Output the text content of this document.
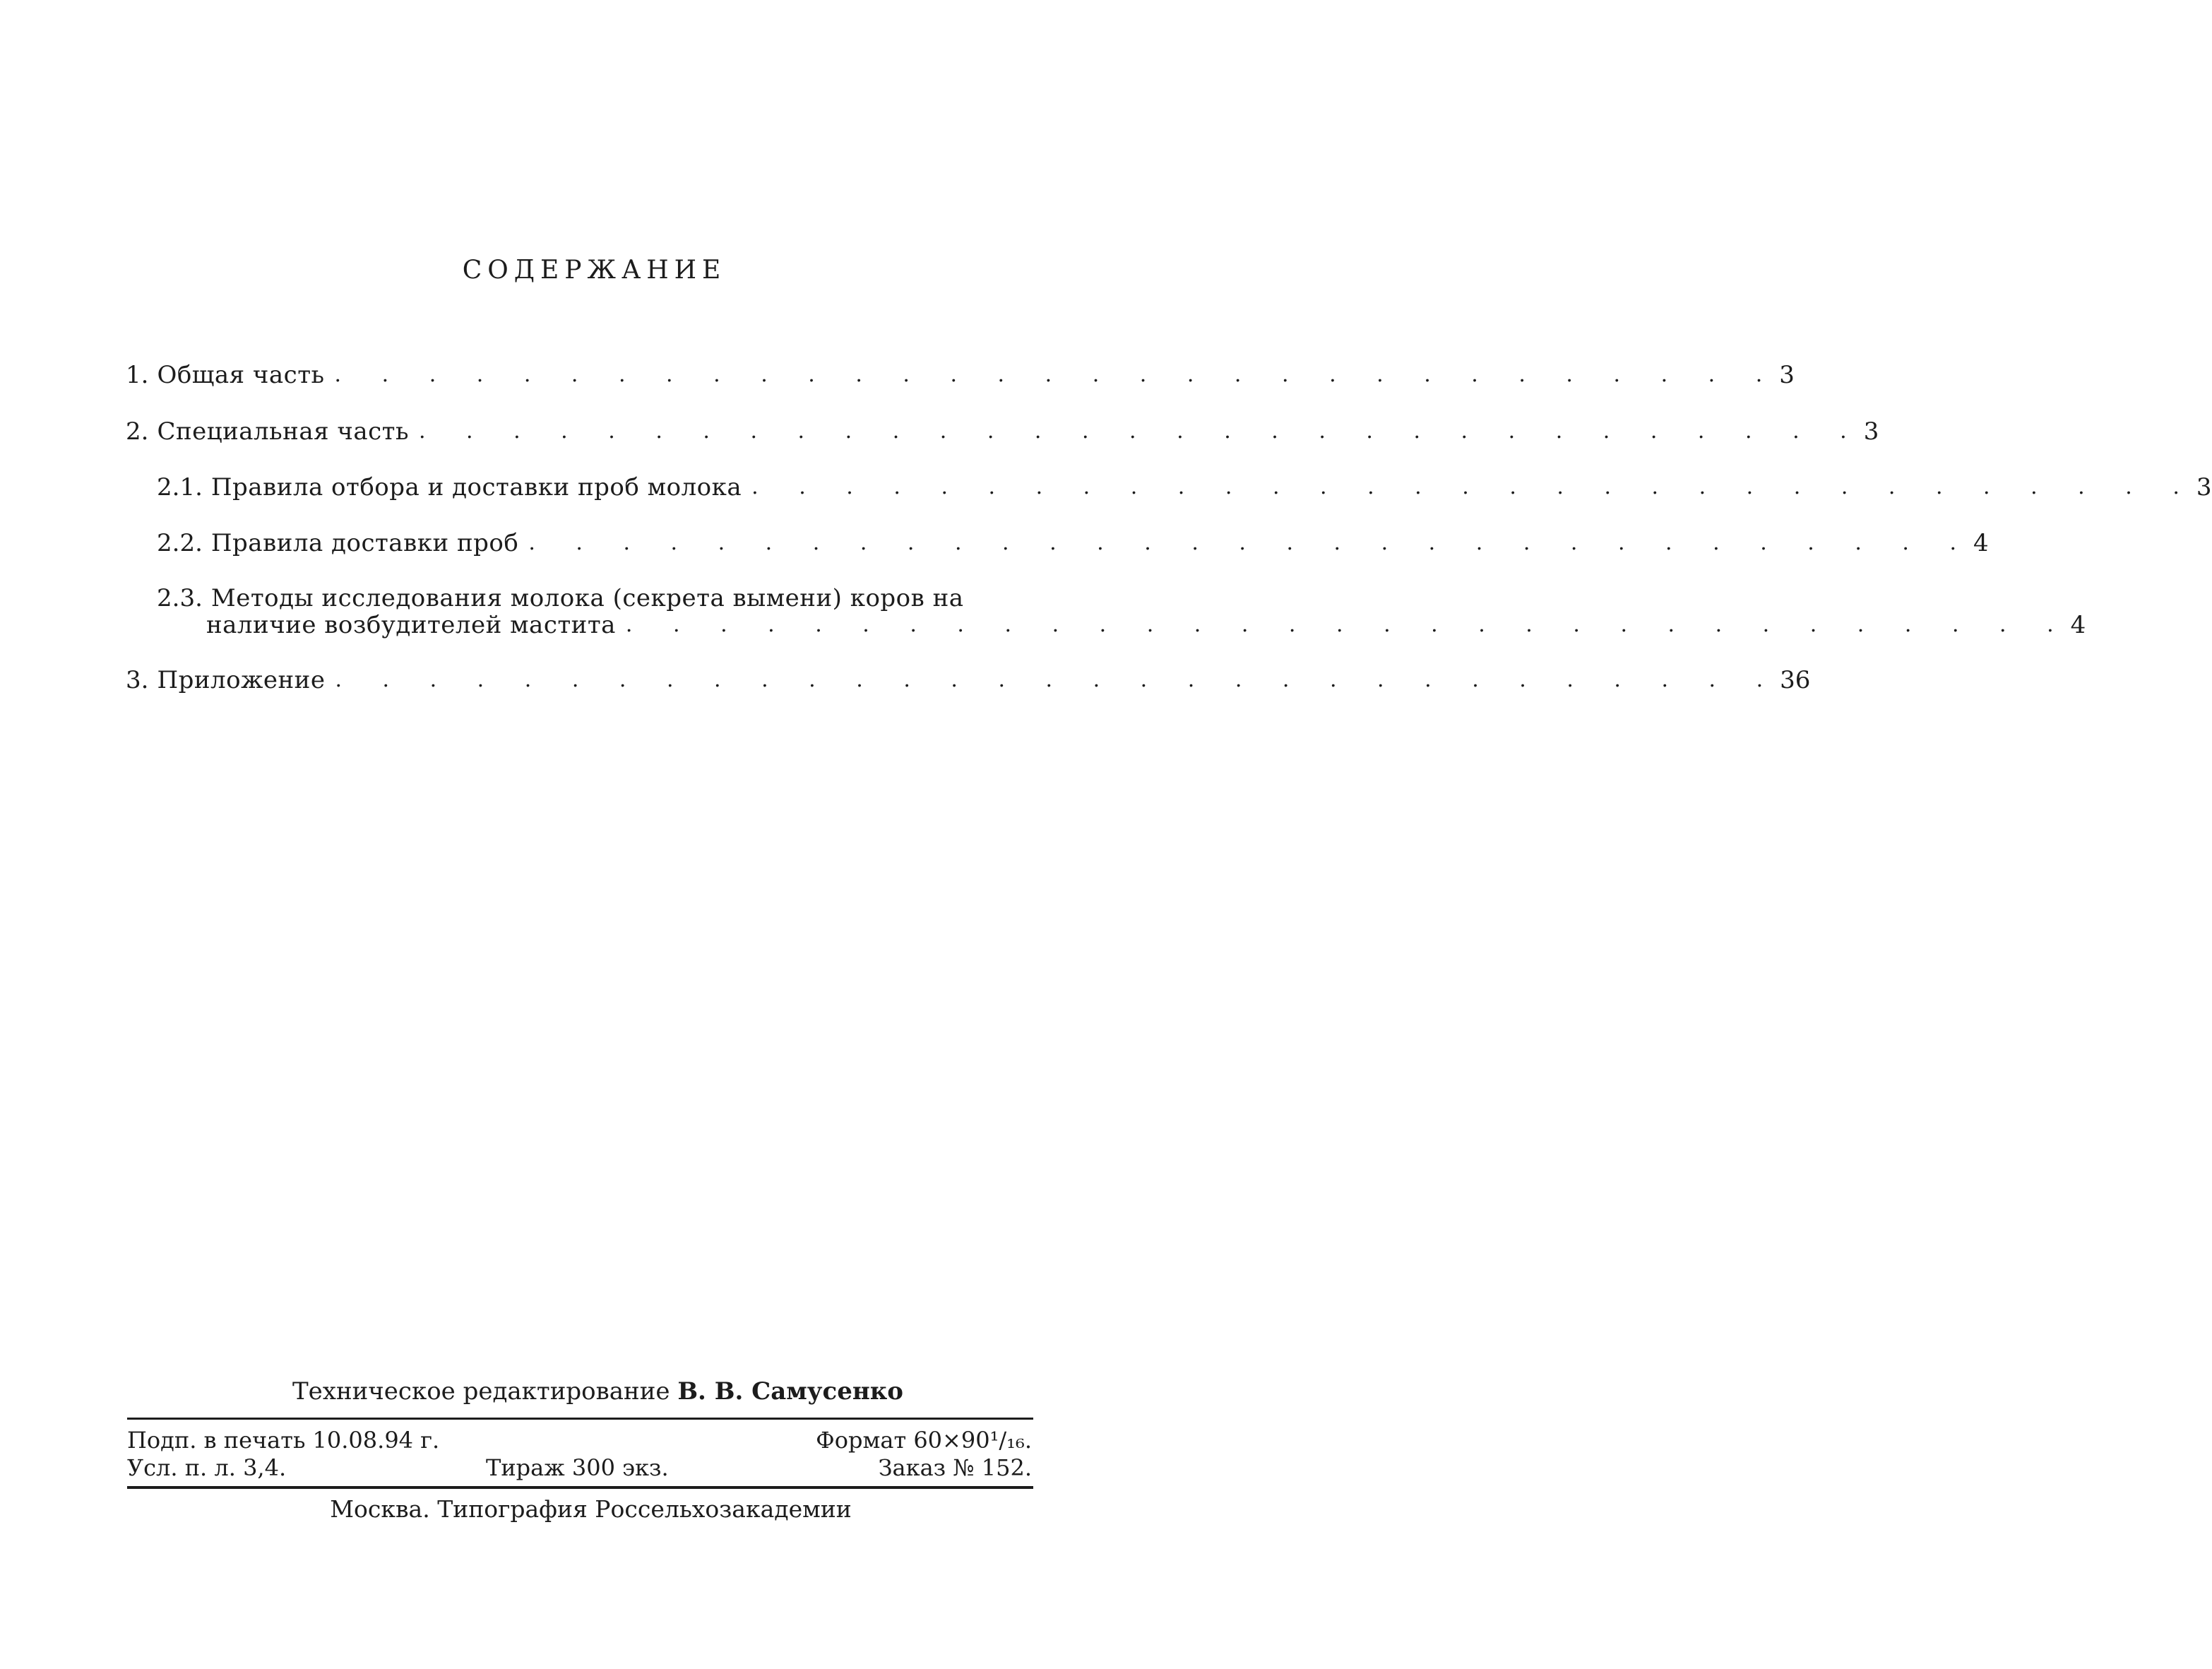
СОДЕРЖАНИЕ
1. Общая часть . . . . . . . . . . . . . . . . . . . . . . . . . . . . . . . 3
2. Специальная часть . . . . . . . . . . . . . . . . . . . . . . . . . . . . . . . 3
2.1. Правила отбора и доставки проб молока . . . . . . . . . . . . . . . . . . . . . . . . . . . . . . . 3
2.2. Правила доставки проб . . . . . . . . . . . . . . . . . . . . . . . . . . . . . . . 4
2.3. Методы исследования молока (секрета вымени) коров на
наличие возбудителей мастита . . . . . . . . . . . . . . . . . . . . . . . . . . . . . . . 4
3. Приложение . . . . . . . . . . . . . . . . . . . . . . . . . . . . . . . 36
Техническое редактирование В. В. Самусенко
Подп. в печать 10.08.94 г.	Формат 60×90¹/₁₆.
Усл. п. л. 3,4.	Тираж 300 экз.	Заказ № 152.
Москва. Типография Россельхозакадемии
